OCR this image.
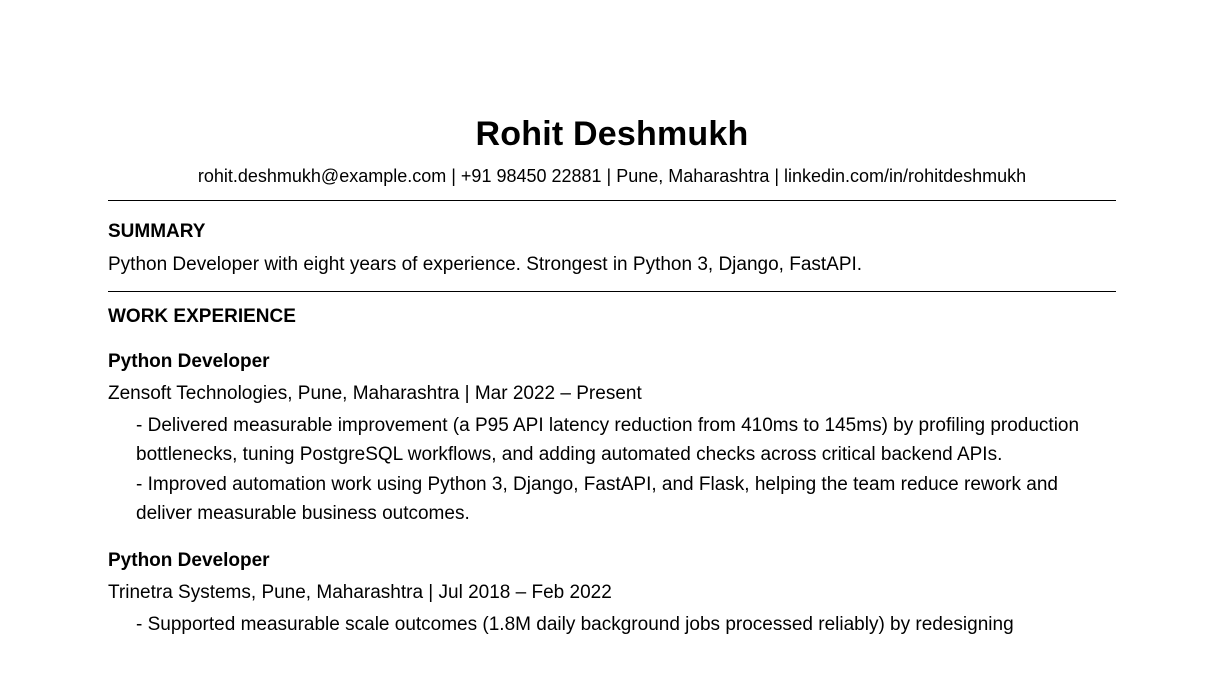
Rohit Deshmukh
rohit.deshmukh@example.com | +91 98450 22881 | Pune, Maharashtra | linkedin.com/in/rohitdeshmukh
SUMMARY
Python Developer with eight years of experience. Strongest in Python 3, Django, FastAPI.
WORK EXPERIENCE
Python Developer
Zensoft Technologies, Pune, Maharashtra | Mar 2022 – Present
- Delivered measurable improvement (a P95 API latency reduction from 410ms to 145ms) by profiling production bottlenecks, tuning PostgreSQL workflows, and adding automated checks across critical backend APIs.
- Improved automation work using Python 3, Django, FastAPI, and Flask, helping the team reduce rework and deliver measurable business outcomes.
Python Developer
Trinetra Systems, Pune, Maharashtra | Jul 2018 – Feb 2022
- Supported measurable scale outcomes (1.8M daily background jobs processed reliably) by redesigning
